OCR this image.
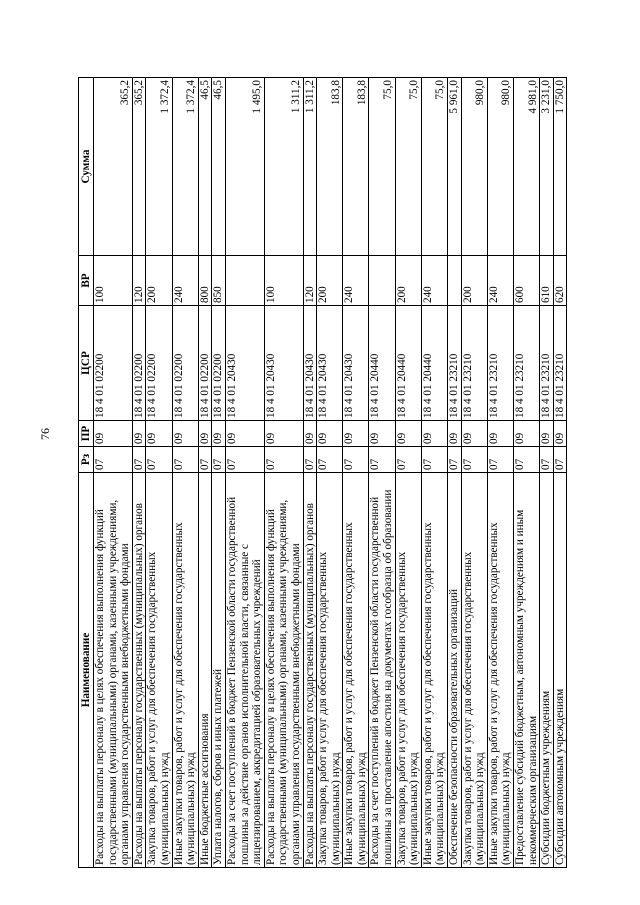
76
Наименование	Рз	ПР	ЦСР	ВР	Сумма
Расходы на выплаты персоналу в целях обеспечения выполнения функций государственными (муниципальными) органами, казенными учреждениями, органами управления государственными внебюджетными фондами	07	09	18 4 01 02200	100	365,2
Расходы на выплаты персоналу государственных (муниципальных) органов	07	09	18 4 01 02200	120	365,2
Закупка товаров, работ и услуг для обеспечения государственных (муниципальных) нужд	07	09	18 4 01 02200	200	1 372,4
Иные закупки товаров, работ и услуг для обеспечения государственных (муниципальных) нужд	07	09	18 4 01 02200	240	1 372,4
Иные бюджетные ассигнования	07	09	18 4 01 02200	800	46,5
Уплата налогов, сборов и иных платежей	07	09	18 4 01 02200	850	46,5
Расходы за счет поступлений в бюджет Пензенской области государственной пошлины за действие органов исполнительной власти, связанные с лицензированием, аккредитацией образовательных учреждений	07	09	18 4 01 20430		1 495,0
Расходы на выплаты персоналу в целях обеспечения выполнения функций государственными (муниципальными) органами, казенными учреждениями, органами управления государственными внебюджетными фондами	07	09	18 4 01 20430	100	1 311,2
Расходы на выплаты персоналу государственных (муниципальных) органов	07	09	18 4 01 20430	120	1 311,2
Закупка товаров, работ и услуг для обеспечения государственных (муниципальных) нужд	07	09	18 4 01 20430	200	183,8
Иные закупки товаров, работ и услуг для обеспечения государственных (муниципальных) нужд	07	09	18 4 01 20430	240	183,8
Расходы за счет поступлений в бюджет Пензенской области государственной пошлины за проставление апостиля на документах гособразца об образовании	07	09	18 4 01 20440		75,0
Закупка товаров, работ и услуг для обеспечения государственных (муниципальных) нужд	07	09	18 4 01 20440	200	75,0
Иные закупки товаров, работ и услуг для обеспечения государственных (муниципальных) нужд	07	09	18 4 01 20440	240	75,0
Обеспечение безопасности образовательных организаций	07	09	18 4 01 23210		5 961,0
Закупка товаров, работ и услуг для обеспечения государственных (муниципальных) нужд	07	09	18 4 01 23210	200	980,0
Иные закупки товаров, работ и услуг для обеспечения государственных (муниципальных) нужд	07	09	18 4 01 23210	240	980,0
Предоставление субсидий бюджетным, автономным учреждениям и иным некоммерческим организациям	07	09	18 4 01 23210	600	4 981,0
Субсидии бюджетным учреждениям	07	09	18 4 01 23210	610	3 231,0
Субсидии автономным учреждениям	07	09	18 4 01 23210	620	1 750,0
